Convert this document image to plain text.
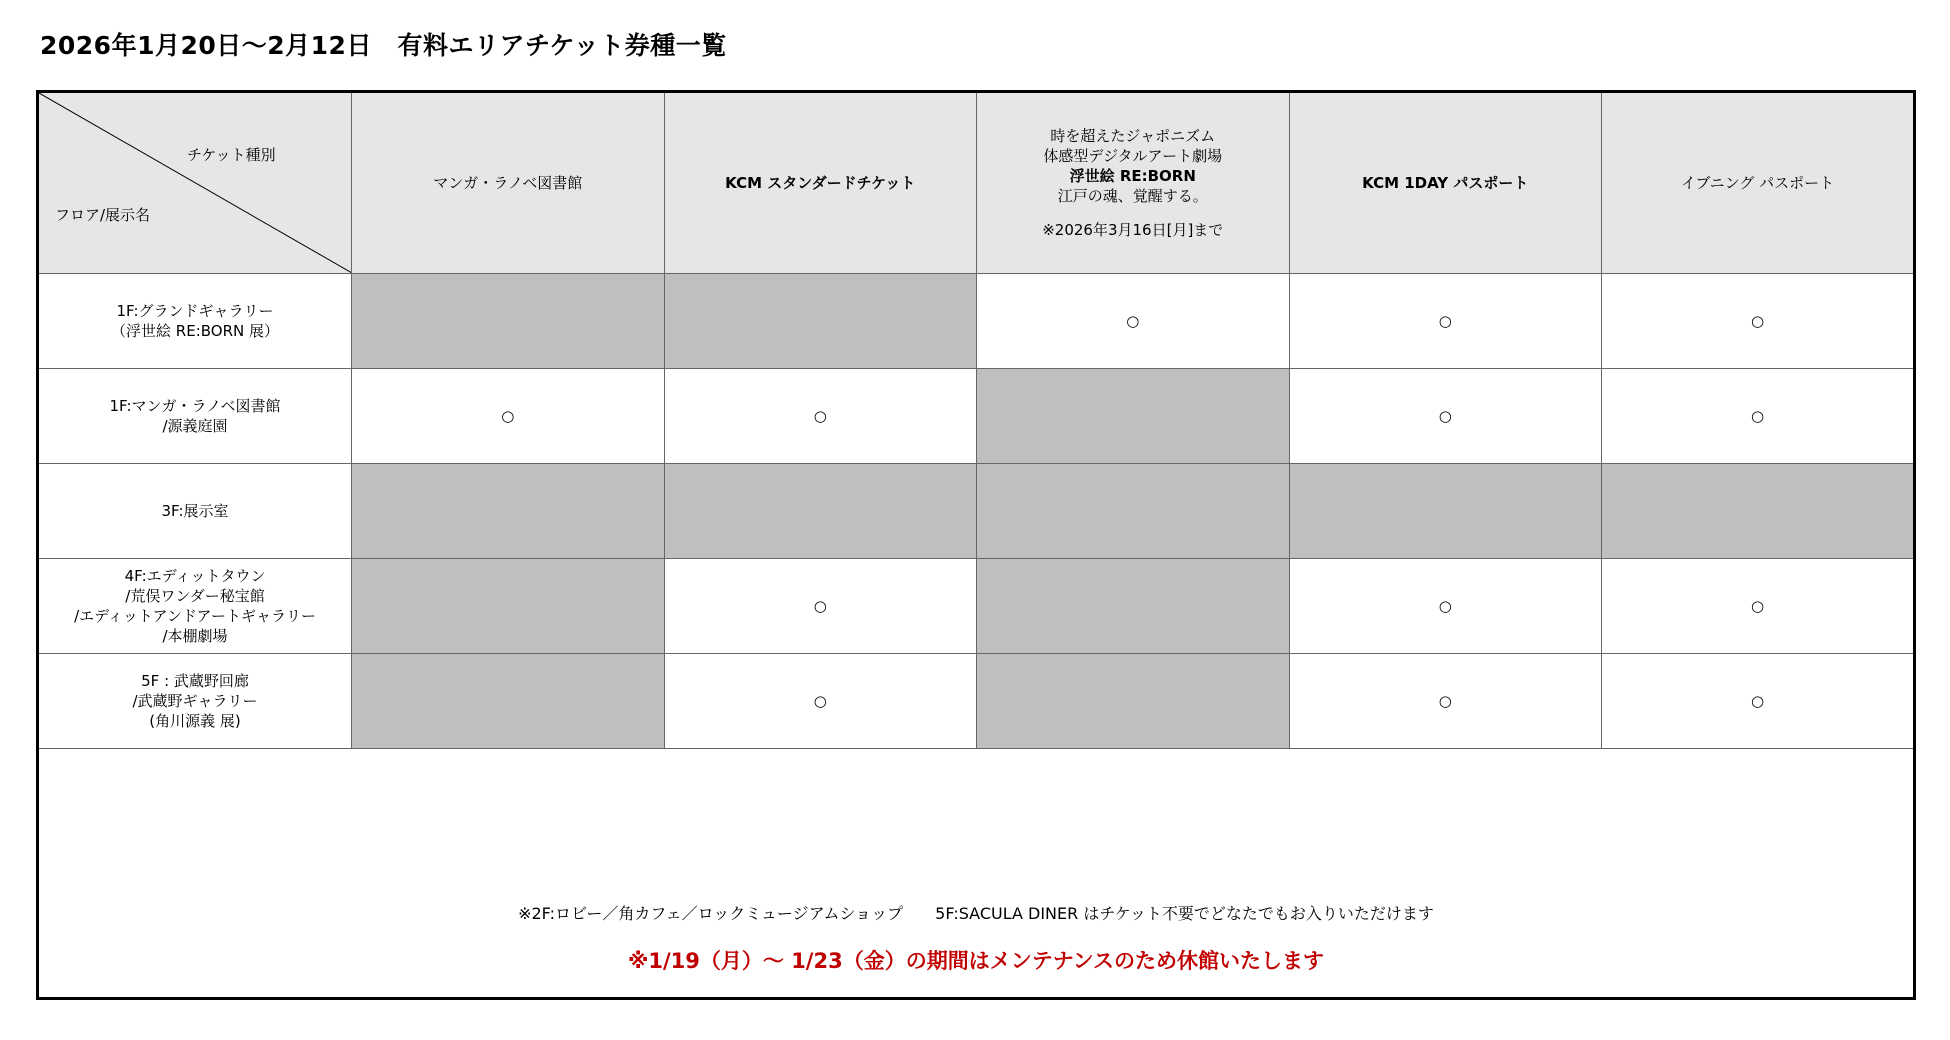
2026年1月20日～2月12日　有料エリアチケット券種一覧
チケット種別
フロア/展示名	マンガ・ラノベ図書館	KCM スタンダードチケット	時を超えたジャポニズム
体感型デジタルアート劇場
浮世絵 RE:BORN
江戸の魂、覚醒する。
※2026年3月16日[月]まで	KCM 1DAY パスポート	イブニング パスポート

1F:グランドギャラリー
（浮世絵 RE:BORN 展）			○	○	○

1F:マンガ・ラノベ図書館
/源義庭園	○	○		○	○

3F:展示室					

4F:エディットタウン
/荒俣ワンダー秘宝館
/エディットアンドアートギャラリー
/本棚劇場		○		○	○

5F : 武蔵野回廊
/武蔵野ギャラリー
(角川源義 展)		○		○	○
※2F:ロビー／角カフェ／ロックミュージアムショップ　　5F:SACULA DINER はチケット不要でどなたでもお入りいただけます
※1/19（月）～ 1/23（金）の期間はメンテナンスのため休館いたします
